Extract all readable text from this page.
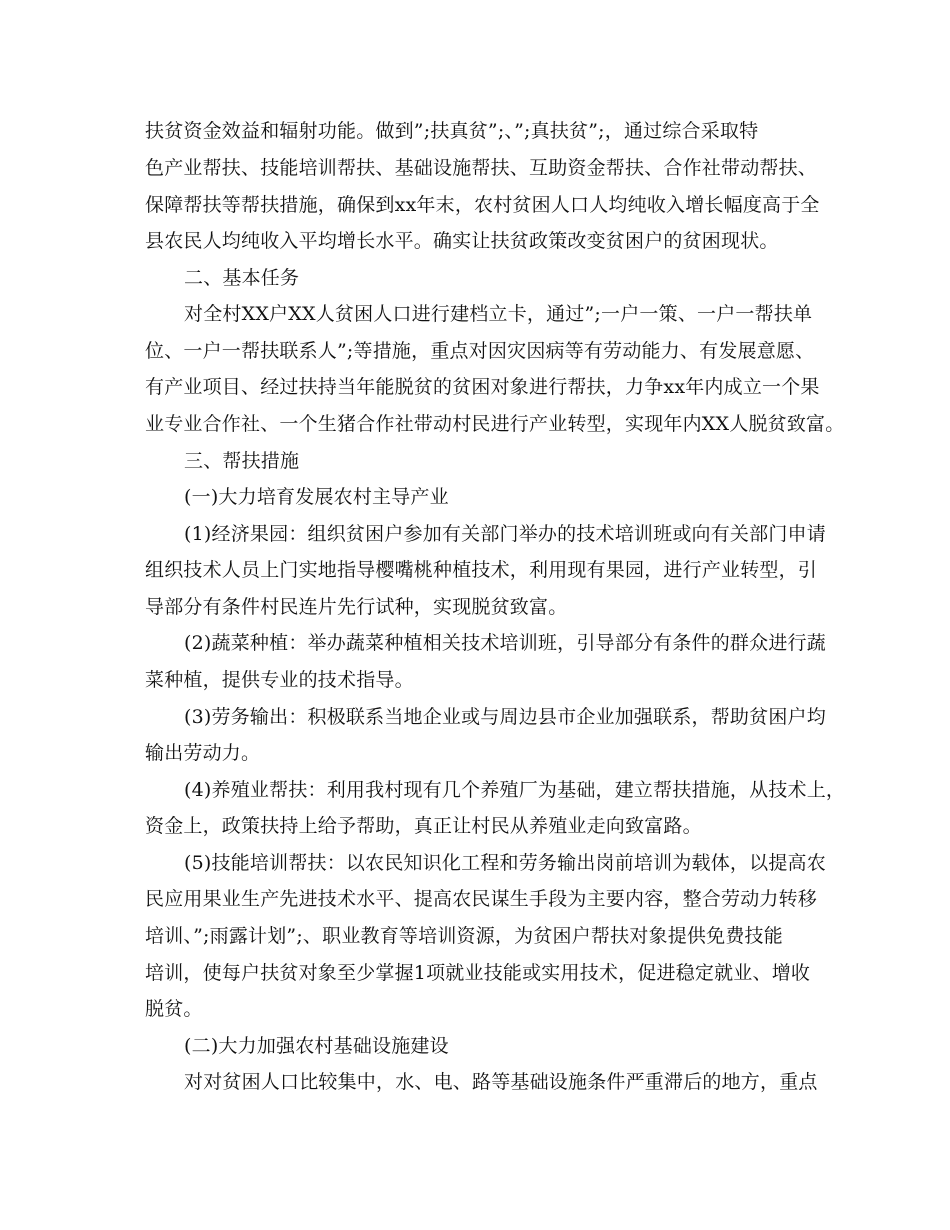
扶贫资金效益和辐射功能。做到”;扶真贫”;、”;真扶贫”;，通过综合采取特
色产业帮扶、技能培训帮扶、基础设施帮扶、互助资金帮扶、合作社带动帮扶、
保障帮扶等帮扶措施，确保到xx年末，农村贫困人口人均纯收入增长幅度高于全
县农民人均纯收入平均增长水平。确实让扶贫政策改变贫困户的贫困现状。
二、基本任务
对全村XX户XX人贫困人口进行建档立卡，通过”;一户一策、一户一帮扶单
位、一户一帮扶联系人”;等措施，重点对因灾因病等有劳动能力、有发展意愿、
有产业项目、经过扶持当年能脱贫的贫困对象进行帮扶，力争xx年内成立一个果
业专业合作社、一个生猪合作社带动村民进行产业转型，实现年内XX人脱贫致富。
三、帮扶措施
(一)大力培育发展农村主导产业
(1)经济果园：组织贫困户参加有关部门举办的技术培训班或向有关部门申请
组织技术人员上门实地指导樱嘴桃种植技术，利用现有果园，进行产业转型，引
导部分有条件村民连片先行试种，实现脱贫致富。
(2)蔬菜种植：举办蔬菜种植相关技术培训班，引导部分有条件的群众进行蔬
菜种植，提供专业的技术指导。
(3)劳务输出：积极联系当地企业或与周边县市企业加强联系，帮助贫困户均
输出劳动力。
(4)养殖业帮扶：利用我村现有几个养殖厂为基础，建立帮扶措施，从技术上，
资金上，政策扶持上给予帮助，真正让村民从养殖业走向致富路。
(5)技能培训帮扶：以农民知识化工程和劳务输出岗前培训为载体，以提高农
民应用果业生产先进技术水平、提高农民谋生手段为主要内容，整合劳动力转移
培训、”;雨露计划”;、职业教育等培训资源，为贫困户帮扶对象提供免费技能
培训，使每户扶贫对象至少掌握1项就业技能或实用技术，促进稳定就业、增收
脱贫。
(二)大力加强农村基础设施建设
对对贫困人口比较集中，水、电、路等基础设施条件严重滞后的地方，重点
